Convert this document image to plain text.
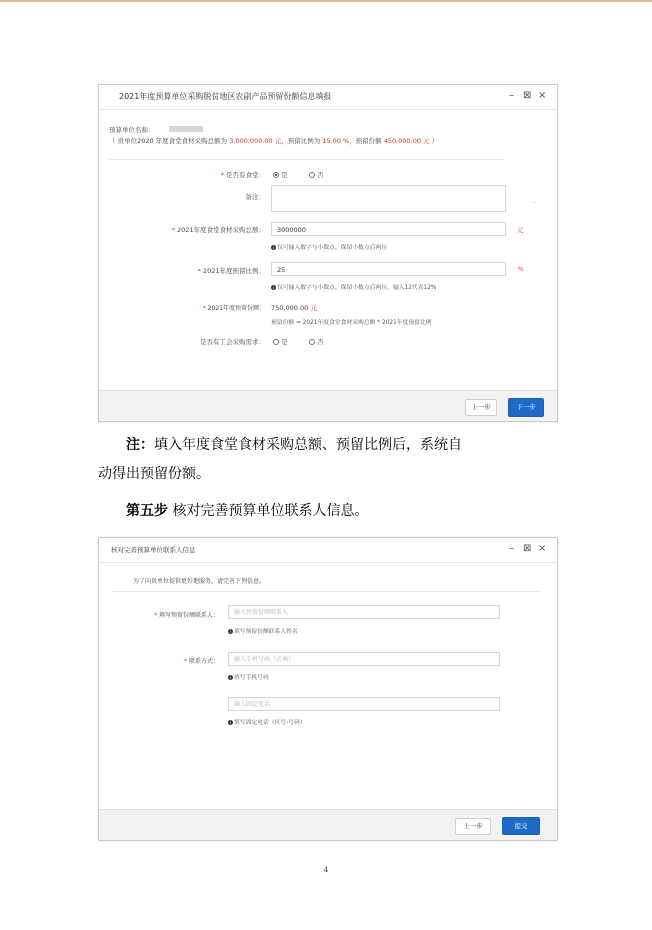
2021年度预算单位采购脱贫地区农副产品预留份额信息填报	– ⊠ ×
预算单位名称：
（ 贵单位2020 年度食堂食材采购总额为 3,000,000.00 元，预留比例为 15.00 %，预留份额 450,000.00 元 ）
* 是否有食堂：	是	否
备注：	...
* 2021年度食堂食材采购总额：	3000000	元
i 仅可输入数字与小数点，保留小数点后两位
* 2021年度预留比例：	25	%
i 仅可输入数字与小数点，保留小数点后两位，输入12代表12%
* 2021年度预留份额： 750,000.00 元
预留份额 = 2021年度食堂食材采购总额 * 2021年度预留比例
是否有工会采购需求：	是	否
上一步	下一步
注：填入年度食堂食材采购总额、预留比例后，系统自
动得出预留份额。
第五步 核对完善预算单位联系人信息。
核对完善预算单位联系人信息	– ⊠ ×
为了向贵单位提供更好地服务，请完善下列信息。
* 填写预留份额联系人：	输入预留份额联系人
i 填写预留份额联系人姓名
* 联系方式：	输入手机号码（必填）
i 填写手机号码
输入固定电话
i 填写固定电话（区号-号码）
上一步	提交
4
